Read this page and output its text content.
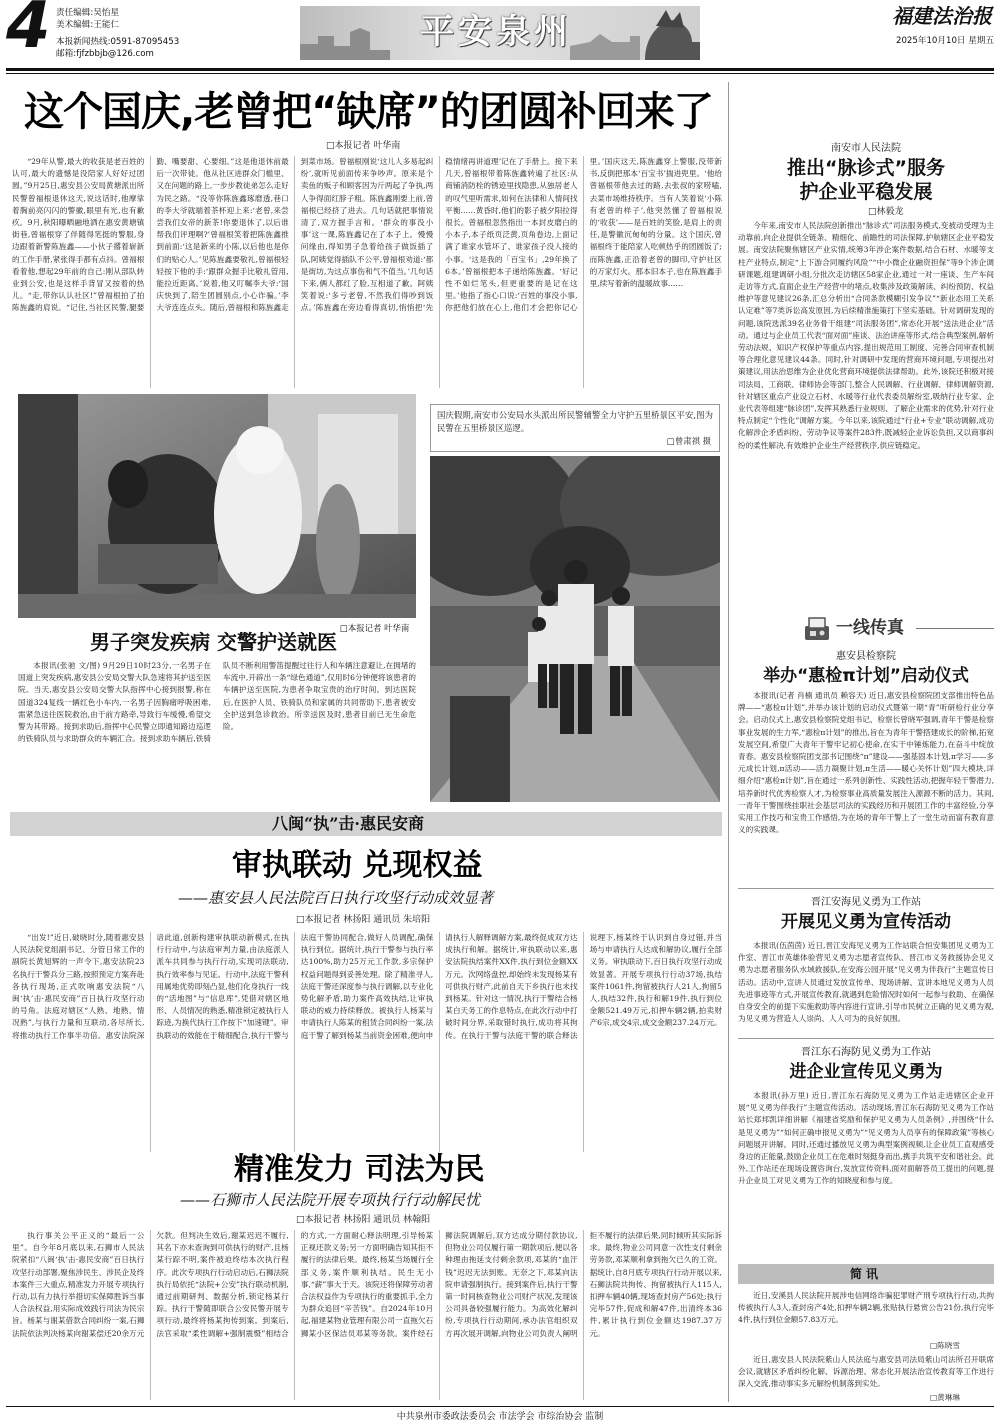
4 责任编辑:吴怡星
美术编辑:王能仁
本报新闻热线:0591-87095453
邮箱:fjfzbbjb@126.com
平安泉州	福建法治报
2025年10月10日 星期五
这个国庆,老曾把“缺席”的团圆补回来了
□本报记者 叶华南

“29年从警,最大的收获是老百姓的认可,最大的遗憾是没陪家人好好过团圆。”9月25日,惠安县公安局黄塘派出所民警曾福根退休这天,说这话时,他摩挲着胸前亮闪闪的警徽,眼里有光,也有歉疚。9月,秋阳曝晒融地洒在惠安黄塘镇街巷,曾福根穿了伴随得笔挺的警服,身边跟着新警陈旌鑫——小伙子撂着崭新的工作手册,紧张得手都有点抖。曾福根看着他,想起29年前的自己:刚从部队转业到公安,也是这样手背冒又按着的热儿。“走,带你认认社区!”曾福根拍了拍陈旌鑫的肩说。“记住,当社区民警,腿要勤、嘴要甜、心要细。”这是他退休前最后一次带徒。他从社区进群众门槛里、又在问题的路上,一步步教徒弟怎么走好为民之路。“没等你陈旌鑫琢磨透,巷口的李大爷就端着茶杯迎上来:‘老曾,来尝尝我们女帝的新茶!你要退休了,以后谁帮我们评理啊?’曾福根笑着把陈旌鑫推到前面:‘这是新来的小陈,以后他也是你们的贴心人。’见陈旌鑫要敬礼,曾福根轻轻按下他的手:‘跟群众握手比敬礼管用,能拉近距离。’说着,他又叮嘱李大爷:‘国庆快到了,陪生团圆别点,小心诈骗。’李大爷连连点头。随后,曾福根和陈旌鑫走到菜市场。曾福根刚说‘这儿人多易起纠纷’,就听见前面传来争吵声。原来是个卖鱼的贩子和顾客因为斤两起了争执,两人争得面红脖子粗。陈旌鑫刚要上前,曾福根已经挤了进去。几句话就把事情说清了,双方握手言和。‘群众的事没小事’这一课,陈旌鑫记在了本子上。慢慢问缘由,得知男子急着给孩子做饭插了队,阿姨觉得插队不公平,曾福根劝道:‘都是街坊,为这点事伤和气不值当。’几句话下来,俩人都红了脸,互相道了歉。阿姨笑着说:‘多亏老曾,不然我们得吵到饭点。’陈旌鑫在旁边看得真切,悄悄把‘先稳情绪再讲道理’记在了手册上。接下来几天,曾福根带着陈旌鑫转遍了社区:从商铺消防栓的锈迹里找隐患,从独居老人的叹气里听需求,如何在法律和人情间找平衡……黄昏时,他们的影子被夕阳拉得很长。曾福根忽然指出一本封皮磨白的小本子,本子纸页泛黄,页角卷边,上面记满了谁家水管坏了、谁家孩子没人接的小事。‘这是我的「百宝书」,29年换了6本。’曾福根把本子递给陈旌鑫。‘好记性不如烂笔头,但更重要的是记在这里。’他指了指心口说:‘百姓的事没小事,你把他们放在心上,他们才会把你记心里。’国庆这天,陈旌鑫穿上警服,没带新书,反倒把那本‘百宝书’揣进兜里。‘他给曾福根带他去过的路,去张叔的家唠嗑,去菜市场维持秩序。当有人笑着说‘小陈有老曾的样子’,他突然懂了曾福根说的‘收获’——是百姓的笑脸,是肩上的责任,是警徽沉甸甸的分量。这个国庆,曾福根终于能陪家人吃顿热乎的团圆饭了;而陈旌鑫,正沿着老曾的脚印,守护社区的万家灯火。那本旧本子,也在陈旌鑫手里,续写着新的温暖故事……

□本报记者 叶华南
男子突发疾病 交警护送就医

本报讯(张驰 文/图) 9月29日10时23分,一名男子在国道上突发疾病,惠安县公安局交警大队急速将其护送至医院。当天,惠安县公安局交警大队指挥中心接到报警,称在国道324复线一辆红色小车内,一名男子因胸痛呼吸困难,需紧急送往医院救治,由于前方路牵,导致行车缓慢,希望交警为其带路。接到求助后,指挥中心民警立即通知路边巡逻的铁骑队员与求助群众的车辆汇合。接到求助车辆后,铁骑队员不断利用警笛提醒过往行人和车辆注意避让,在拥堵的车流中,开辟出一条“绿色通道”,仅用时6分钟便将该患者的车辆护送至医院,为患者争取宝贵的治疗时间。到达医院后,在医护人员、铁骑队员和家属的共同帮助下,患者被安全护送到急诊救治。所幸送医及时,患者目前已无生命危险。

国庆假期,南安市公安局水头派出所民警辅警全力守护五里桥景区平安,图为民警在五里桥景区巡逻。
□曾肃祺 摄
八闽“执”击·惠民安商
审执联动 兑现权益
——惠安县人民法院百日执行攻坚行动成效显著
□本报记者 林扬阳 通讯员 朱培阳

“出发!”近日,破晓时分,随着惠安县人民法院党组副书记、分管日常工作的副院长黄旭辉的一声令下,惠安法院23名执行干警兵分三路,按照预定方案奔赴各执行现场,正式吹响惠安法院“八闽‘执’击·惠民安商”百日执行攻坚行动的号角。法庭对辖区“人熟、地熟、情况熟”,与执行力量和互联动,各尽所长,将推动执行工作事半功倍。惠安法院深谙此道,创新构建审执联动新模式,在执行行动中,与法庭审判力量,由法庭派人派车共同参与执行行动,实现司法联动,执行效率参与见证。行动中,法庭干警利用属地优势即刻凸显,他们化身执行一线的“活地图”与“信息库”,凭借对辖区地形、人员情况的熟悉,精准锁定被执行人踪迹,为换代执行工作按下“加速键”。审执联动的效能在于精细配合,执行干警与法庭干警协同配合,做好人员调配,确保执行到位。据统计,执行干警参与执行率达100%,助力25万元工作款,多宗保护权益问题得到妥善处理。除了精准寻人,法庭干警还深度参与执行调解,以专业化势化解矛盾,助力案件高效执结,让审执联动的威力持续释放。被执行人杨某与申请执行人陈某的租赁合同纠纷一案,法庭干警了解到杨某当前资金困难,便向申请执行人解释调解方案,最终促成双方达成执行和解。据统计,审执联动以来,惠安法院执结案件XX件,执行到位金额XX万元。次网络盘控,却始终未发现杨某有可供执行财产,此前自天下乡执行也未找到杨某。针对这一情况,执行干警结合杨某白天务工的作息特点,在此次行动中打破时间分界,采取错时执行,成功将其拘传。在执行干警与法庭干警的联合释法说理下,杨某终于认识到自身过错,并当场与申请执行人达成和解协议,履行全部义务。审执联动下,百日执行攻坚行动成效显著。开展专项执行行动37场,执结案件1061件,拘留被执行人21人,拘留5人,执结32件,执行和解19件,执行到位金额521.49万元,扣押车辆2辆,拍卖财产6宗,成交4宗,成交金额237.24万元。

精准发力 司法为民
——石狮市人民法院开展专项执行行动解民忧
□本报记者 林扬阳 通讯员 林翰阳

执行事关公平正义的“最后一公里”。自今年8月底以来,石狮市人民法院紧扣“八闽‘执’击·惠民安商”百日执行攻坚行动部署,聚焦涉民生、涉民企及终本案件三大重点,精准发力开展专项执行行动,以有力执行举措切实保障胜诉当事人合法权益,用实际成效践行司法为民宗旨。杨某与谢某借款合同纠纷一案,石狮法院依法判决杨某向谢某偿还20余万元欠款。但判决生效后,谢某迟迟不履行,其名下亦未查询到可供执行的财产,且杨某行踪不明,案件被迫终结本次执行程序。此次专项执行行动启动后,石狮法院执行局依托“法院+公安”执行联动机制,通过前期研判、数据分析,锁定杨某行踪。执行干警随即联合公安民警开展专项行动,最终将杨某拘传到案。到案后,法官采取“柔性调解+强制震慑”相结合的方式,一方面耐心释法明理,引导杨某正视还款义务;另一方面明确告知其拒不履行的法律后果。最终,杨某当场履行全部义务,案件顺利执结。民生无小事,“薪”事大于天。该院还将保障劳动者合法权益作为专项执行的重要抓手,全力为群众追回“辛苦钱”。自2024年10月起,福建某物业管理有限公司一直拖欠石狮某小区保洁员邓某等务款。案件经石狮法院调解后,双方达成分期付款协议,但物业公司仅履行第一期款项后,便以各种理由拖延支付剩余款项,邓某的“血汗钱”迟迟无法到账。无奈之下,邓某向法院申请强制执行。接到案件后,执行干警第一时间核查物业公司财产状况,发现该公司具备较强履行能力。为高效化解纠纷,专项执行行动期间,承办法官组织双方再次展开调解,向物业公司负责人阐明拒不履行的法律后果,同时倾听其实际诉求。最终,物业公司同意一次性支付剩余劳务款,邓某顺利拿到拖欠已久的工资。据统计,自8月底专项执行行动开展以来,石狮法院共拘传、拘留被执行人115人,扣押车辆40辆,现场查封房产56处;执行完毕57件,促成和解47件,出清终本36件,累计执行到位金额达1987.37万元。

南安市人民法院
推出“脉诊式”服务
护企业平稳发展
□林毅龙

今年来,南安市人民法院创新推出“脉诊式”司法服务模式,变被动受理为主动靠前,向企业提供全链条、精细化、前瞻性的司法保障,护航辖区企业平稳发展。南安法院聚焦辖区产业实情,统筹3年涉企案件数据,结合石材、水暖等支柱产业特点,制定“上下游合同履约风险”“中小微企业融资担保”等9个涉企调研课题,组建调研小组,分批次走访辖区58家企业,通过一对一座谈、生产车间走访等方式,直面企业生产经营中的堵点,收集涉及政策解读、纠纷预防、权益维护等意见建议26条,汇总分析出“合同条款模糊引发争议”“新业态用工关系认定难”等7类诉讼高发原因,为后续精准施策打下坚实基础。针对调研发现的问题,该院选派39名业务骨干组建“司法服务团”,常态化开展“送法进企业”活动。通过与企业员工代表“面对面”座谈、法治讲座等形式,结合典型案例,解析劳动法规、知识产权保护等重点内容,提出规范用工制度、完善合同审查机制等合理化意见建议44条。同时,针对调研中发现的营商环境问题,专项提出对策建议,用法治思维为企业优化营商环境提供法律帮助。此外,该院还积极对接司法局、工商联、律师协会等部门,整合人民调解、行业调解、律师调解资源,针对辖区重点产业设立石材、水暖等行业代表委员解纷室,吸纳行业专家、企业代表等组建“脉诊团”,发挥其熟悉行业规则、了解企业需求的优势,针对行业特点制定“个性化”调解方案。今年以来,该院通过“行业+专业”联动调解,成功化解涉企矛盾纠纷、劳动争议等案件283件,既减轻企业诉讼负担,又以商事纠纷的柔性解决,有效维护企业生产经营秩序,供应链稳定。

一线传真
惠安县检察院
举办“惠检π计划”启动仪式

本报讯(记者 肖楠 通讯员 赖容天) 近日,惠安县检察院团支部推出特色品牌——“惠检π计划”,并举办该计划的启动仪式暨第一期“青”听研检行业分享会。启动仪式上,惠安县检察院党组书记、检察长曾晓军强调,青年干警是检察事业发展的生力军,“惠检π计划”的推出,旨在为青年干警搭建成长的阶梯,拓宽发展空间,希望广大青年干警牢记初心使命,在实干中锤炼能力,在奋斗中绽放青春。惠安县检察院团支部书记围绕“π”建设——强基固本计划,π学习——多元成长计划,π活动——活力凝聚计划,π生活——暖心关怀计划”四大模块,详细介绍“惠检π计划”,旨在通过一系列创新性、实践性活动,把握年轻干警潜力,培养新时代优秀检察人才,为检察事业高质量发展注入源源不断的活力。其间,一青年干警围绕挂职社会基层司法的实践经历和开展团工作的丰富经验,分享实用工作技巧和宝贵工作感悟,为在场的青年干警上了一堂生动而富有教育意义的实践课。

晋江安海见义勇为工作站
开展见义勇为宣传活动

本报讯(伍茵茵) 近日,晋江安海见义勇为工作站联合恒安集团见义勇为工作室、晋江市英雄体验营见义勇为志愿者宣传队、晋江市义务救援协会见义勇为志愿者服务队水域救援队,在安海公园开展“见义勇为伴我行”主题宣传日活动。活动中,宣讲人员通过发放宣传单、现场讲解、宣讲本地见义勇为人员先进事迹等方式,开展宣传教育,就遇到危险情况时如何一起参与救助、在确保自身安全的前提下实施救助等内容进行宣讲,引导市民树立正确的见义勇为观,为见义勇为营造人人崇尚、人人可为的良好氛围。

晋江东石海防见义勇为工作站
进企业宣传见义勇为

本报讯(孙万里) 近日,晋江东石海防见义勇为工作站走进辖区企业开展“见义勇为伴我行”主题宣传活动。活动现场,晋江东石海防见义勇为工作站站长郑邦凯详细讲解《福建省奖励和保护见义勇为人员条例》,并围绕“什么是见义勇为”“如何正确申报见义勇为”“见义勇为人员享有的保障政策”等核心问题展开讲解。同时,还通过播放见义勇为典型案例视频,让企业员工直观感受身边的正能量,鼓励企业员工在危难时刻挺身而出,携手共筑平安和谐社会。此外,工作站还在现场设置咨询台,发放宣传资料,面对面解答员工提出的问题,提升企业员工对见义勇为工作的知晓度和参与度。

简讯

近日,安溪县人民法院开展涉电信网络诈骗犯罪财产刑专项执行行动,共拘传被执行人3人,查封房产4处,扣押车辆2辆,张贴执行悬赏公告21份,执行完毕4件,执行到位金额57.83万元。

□陈晓雪

近日,惠安县人民法院紫山人民法庭与惠安县司法局紫山司法所召开联席会议,就辖区矛盾纠纷化解、诉源治理、常态化开展法治宣传教育等工作进行深入交流,推动事实多元解纷机制落到实处。

□黄琳琳
中共泉州市委政法委员会 市法学会 市综治协会 监制
